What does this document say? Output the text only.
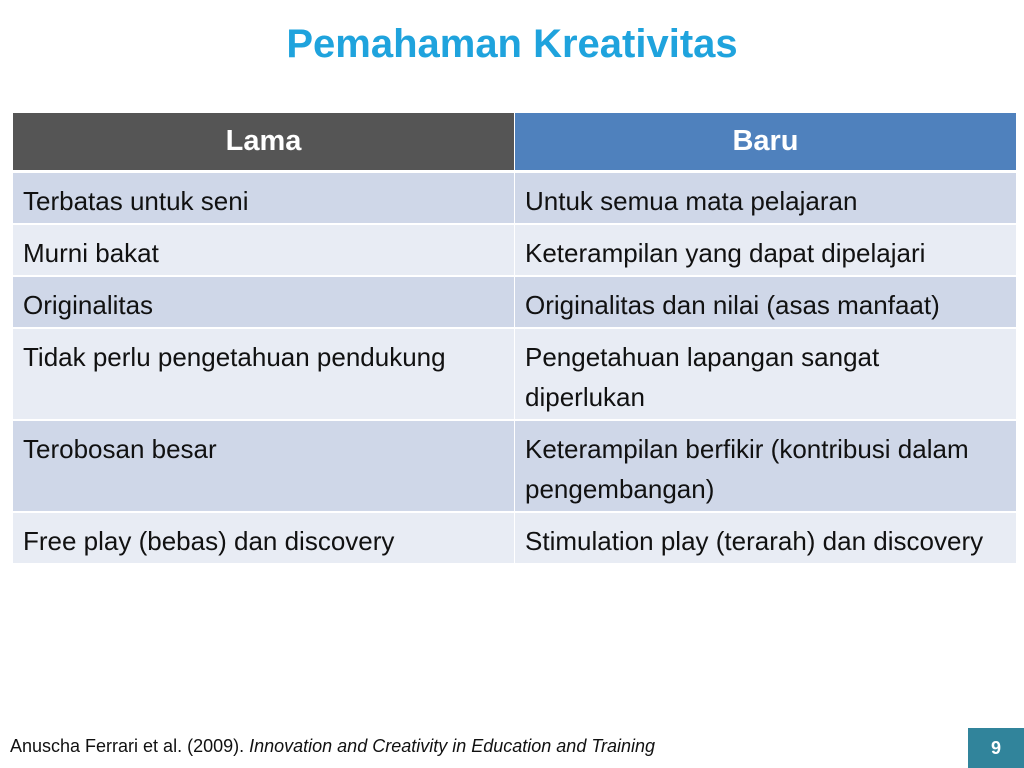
Pemahaman Kreativitas
Lama	Baru
Terbatas untuk seni	Untuk semua mata pelajaran
Murni bakat	Keterampilan yang dapat dipelajari
Originalitas	Originalitas dan nilai (asas manfaat)
Tidak perlu pengetahuan pendukung	Pengetahuan lapangan sangat diperlukan
Terobosan besar	Keterampilan berfikir (kontribusi dalam pengembangan)
Free play (bebas) dan discovery	Stimulation play (terarah) dan discovery
Anuscha Ferrari et al. (2009). Innovation and Creativity in Education and Training	9
